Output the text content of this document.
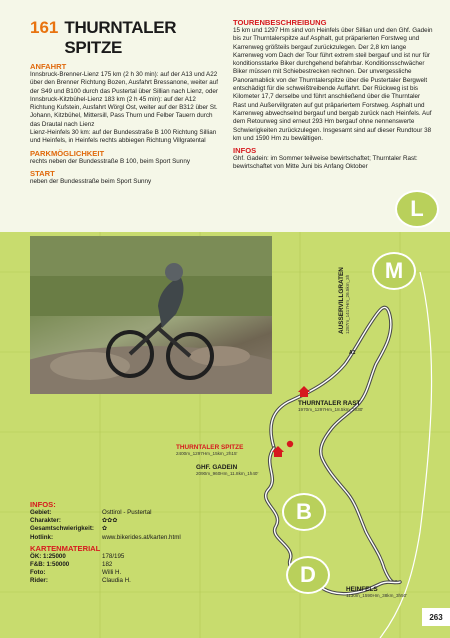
161 THURNTALER SPITZE
ANFAHRT

Innsbruck-Brenner-Lienz 175 km (2 h 30 min): auf der A13 und A22 über den Brenner Richtung Bozen, Ausfahrt Bressanone, weiter auf der S49 und B100 durch das Pustertal über Sillian nach Lienz, oder

Innsbruck-Kitzbühel-Lienz 183 km (2 h 45 min): auf der A12 Richtung Kufstein, Ausfahrt Wörgl Ost, weiter auf der B312 über St. Johann, Kitzbühel, Mittersill, Pass Thurn und Felber Tauern durch das Drautal nach Lienz

Lienz-Heinfels 30 km: auf der Bundesstraße B 100 Richtung Sillian und Heinfels, in Heinfels rechts abbiegen Richtung Villgratental

PARKMÖGLICHKEIT

rechts neben der Bundesstraße B 100, beim Sport Sunny

START

neben der Bundesstraße beim Sport Sunny

TOURENBESCHREIBUNG

15 km und 1297 Hm sind von Heinfels über Sillian und den Ghf. Gadein bis zur Thurntalerspitze auf Asphalt, gut präparierten Forstweg und Karrenweg größteils bergauf zurückzulegen. Der 2,8 km lange Karrenweg vom Dach der Tour führt extrem steil bergauf und ist nur für konditionsstarke Biker durchgehend befahrbar. Konditionsschwächer Biker müssen mit Schiebestrecken rechnen. Der unvergessliche Panoramablick von der Thurntalerspitze über die Pustertaler Bergwelt entschädigt für die schweißtreibende Auffahrt. Der Rückweg ist bis Kilometer 17,7 derselbe und führt anschließend über die Thurntaler Rast und Außervillgraten auf gut präpariertem Forstweg. Asphalt und Karrenweg abwechselnd bergauf und bergab zurück nach Heinfels. Auf dem Retourweg sind erneut 293 Hm bergauf ohne nennenswerte Schwierigkeiten zurückzulegen. Insgesamt sind auf dieser Rundtour 38 km und 1590 Hm zu bewältigen.

INFOS

Ghf. Gadein: im Sommer teilweise bewirtschaftet; Thurntaler Rast: bewirtschaftet von Mitte Juni bis Anfang Oktober

L
M
B
D
THURNTALER SPITZE
2400m_1297Hm_15km_2h15'
GHF. GADEIN
2090m_960Hm_11.8km_1h40'
THURNTALER RAST
1970m_1297Hm_18.5km_2h30'
AUSSERVILLGRATEN 1287m_1417Hm_26.5km_3h
HEINFELS
1130m_1590Hm_38km_3h50'
A1
INFOS:
Gebiet:	Osttirol - Pustertal
Charakter:	✿✿✿
Gesamtschwierigkeit:	✿
Hotlink:	www.bikerides.at/karten.html
KARTENMATERIAL
ÖK: 1:25000	178/195
F&B: 1:50000	182
Foto:	Willi H.
Rider:	Claudia H.
263
